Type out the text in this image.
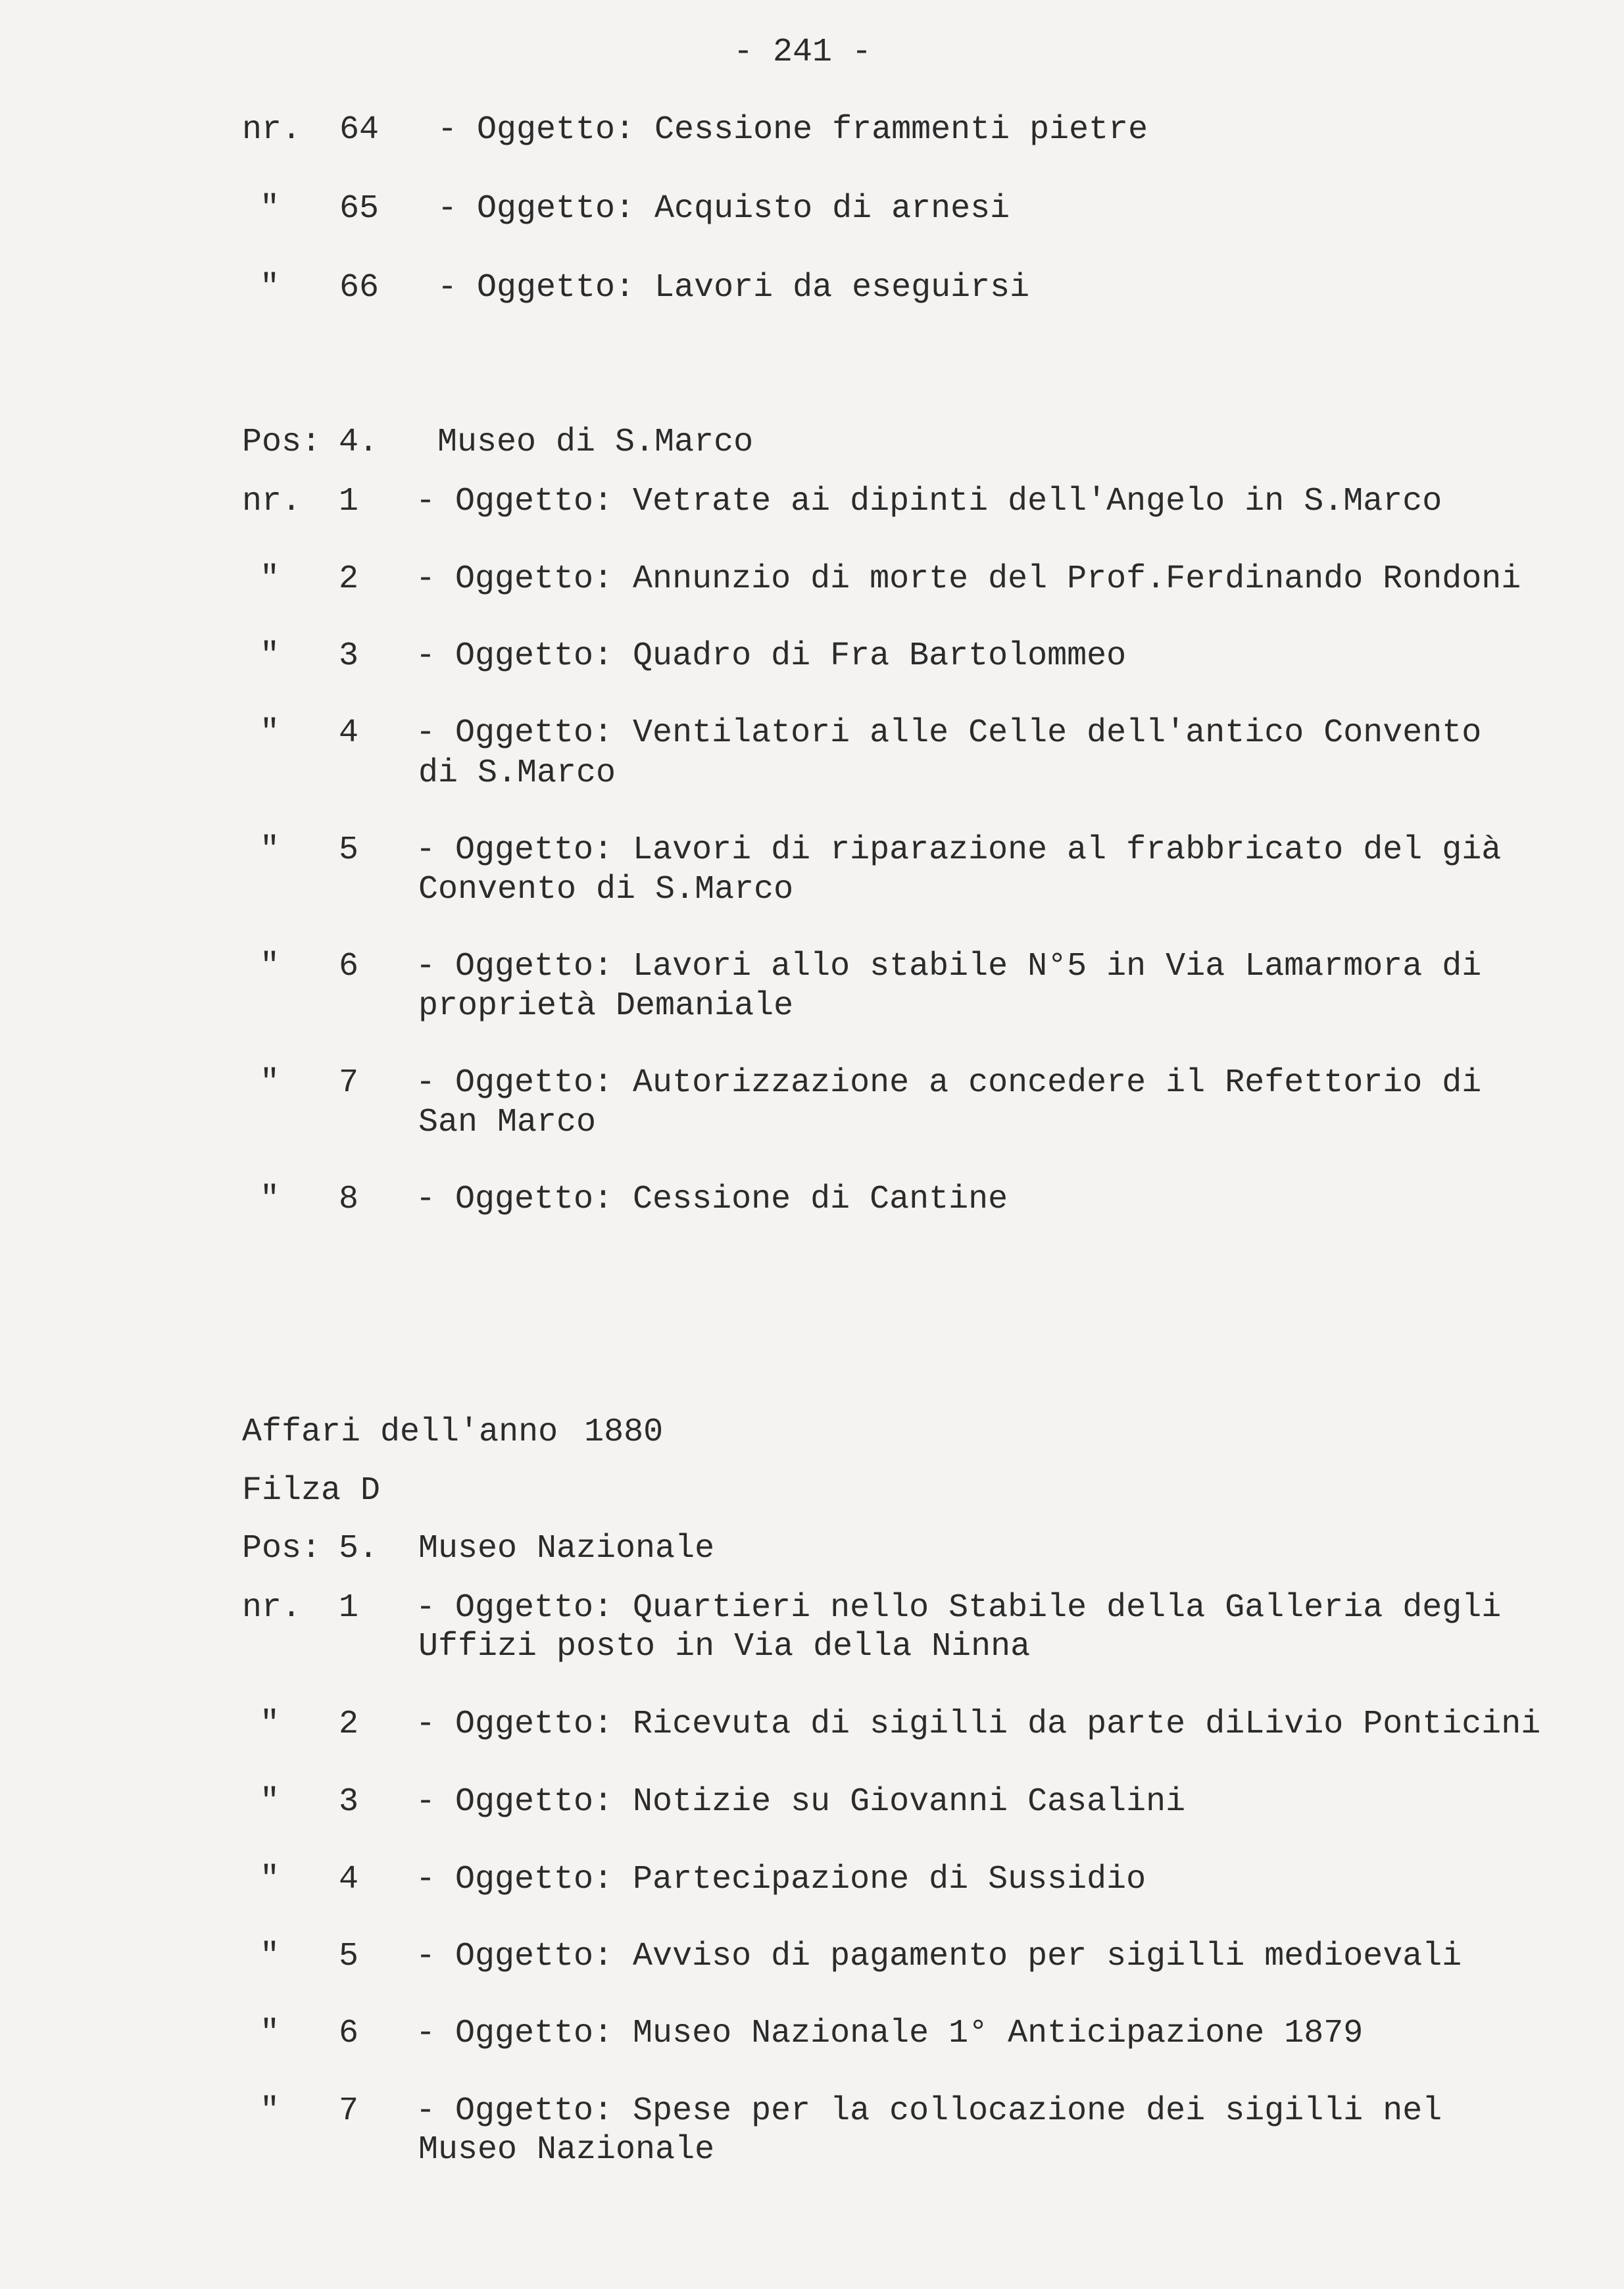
- 241 -
nr.	64 - Oggetto: Cessione frammenti pietre
" 65 - Oggetto: Acquisto di arnesi
" 66 - Oggetto: Lavori da eseguirsi
Pos: 4. Museo di S.Marco
nr.	1 - Oggetto: Vetrate ai dipinti dell'Angelo in S.Marco
" 2 - Oggetto: Annunzio di morte del Prof.Ferdinando Rondoni
" 3 - Oggetto: Quadro di Fra Bartolommeo
" 4 - Oggetto: Ventilatori alle Celle dell'antico Convento
di S.Marco
" 5 - Oggetto: Lavori di riparazione al frabbricato del già
Convento di S.Marco
" 6 - Oggetto: Lavori allo stabile N°5 in Via Lamarmora di
proprietà Demaniale
" 7 - Oggetto: Autorizzazione a concedere il Refettorio di
San Marco
" 8 - Oggetto: Cessione di Cantine
Affari dell'anno 1880
Filza D
Pos: 5. Museo Nazionale
nr.	1 - Oggetto: Quartieri nello Stabile della Galleria degli
Uffizi posto in Via della Ninna
" 2 - Oggetto: Ricevuta di sigilli da parte diLivio Ponticini
" 3 - Oggetto: Notizie su Giovanni Casalini
" 4 - Oggetto: Partecipazione di Sussidio
" 5 - Oggetto: Avviso di pagamento per sigilli medioevali
" 6 - Oggetto: Museo Nazionale 1° Anticipazione 1879
" 7 - Oggetto: Spese per la collocazione dei sigilli nel
Museo Nazionale
